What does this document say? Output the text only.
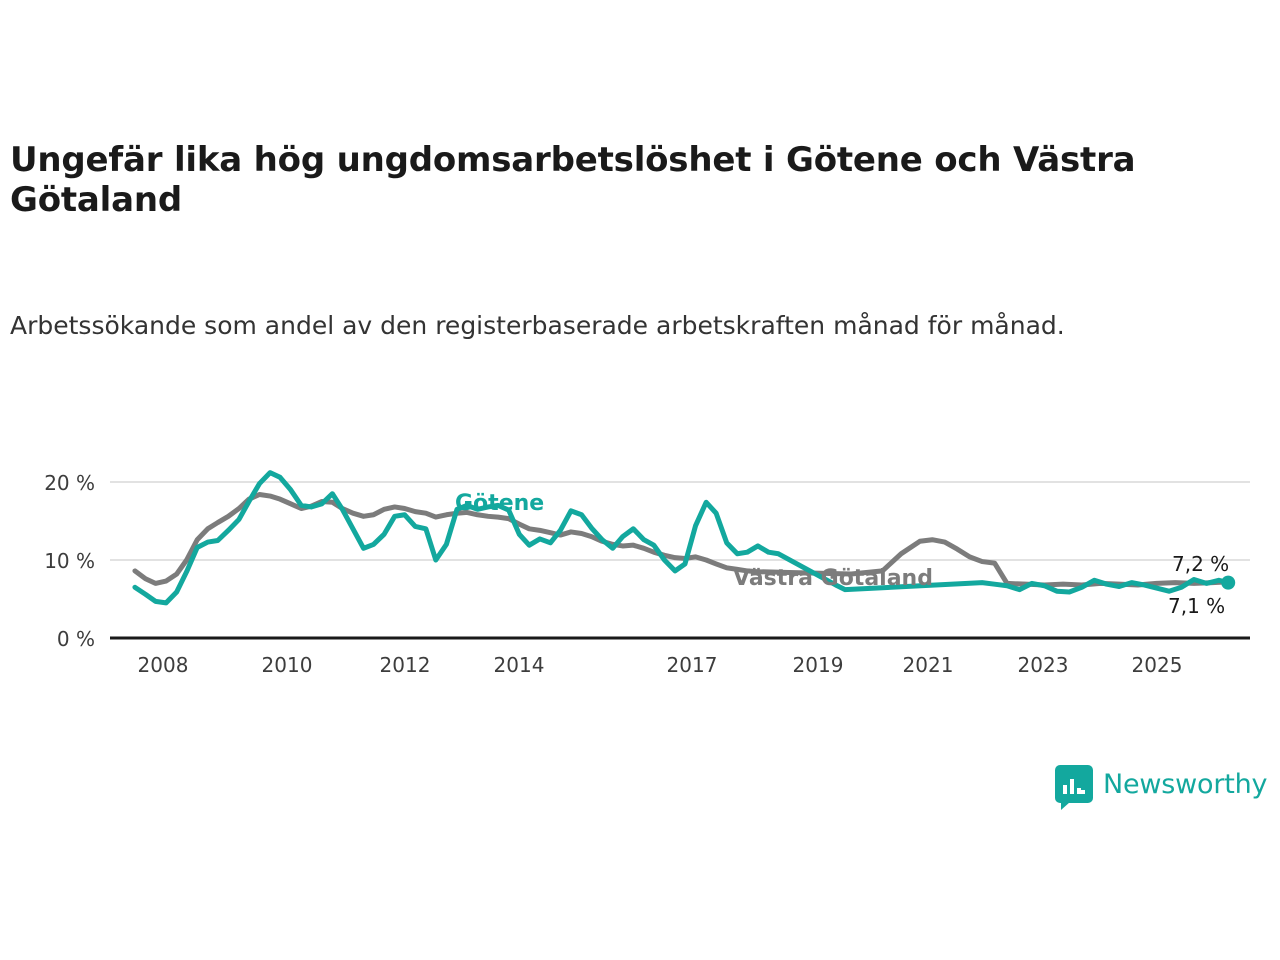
Ungefär lika hög ungdomsarbetslöshet i Götene och Västra Götaland
Arbetssökande som andel av den registerbaserade arbetskraften månad för månad.
20 %
10 %
0 %
2008	2010	2012	2014	2017	2019	2021	2023	2025
Götene
Västra Götaland
7,2 %
7,1 %
Newsworthy
